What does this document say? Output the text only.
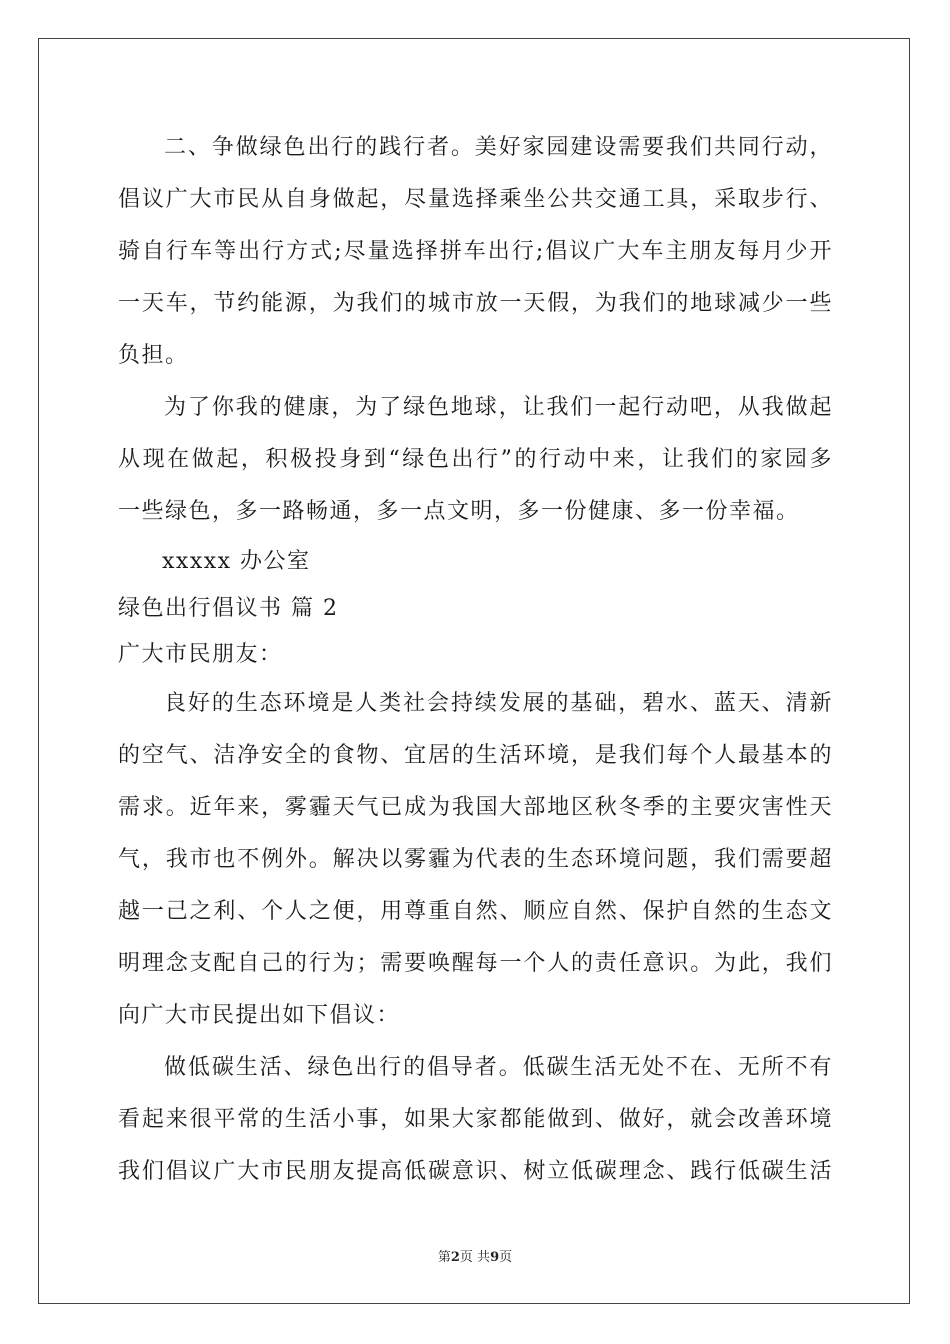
二、争做绿色出行的践行者。美好家园建设需要我们共同行动，
倡议广大市民从自身做起，尽量选择乘坐公共交通工具，采取步行、
骑自行车等出行方式;尽量选择拼车出行;倡议广大车主朋友每月少开
一天车，节约能源，为我们的城市放一天假，为我们的地球减少一些
负担。
为了你我的健康，为了绿色地球，让我们一起行动吧，从我做起
从现在做起，积极投身到“绿色出行”的行动中来，让我们的家园多
一些绿色，多一路畅通，多一点文明，多一份健康、多一份幸福。
xxxxx 办公室
绿色出行倡议书 篇 2
广大市民朋友：
良好的生态环境是人类社会持续发展的基础，碧水、蓝天、清新
的空气、洁净安全的食物、宜居的生活环境，是我们每个人最基本的
需求。近年来，雾霾天气已成为我国大部地区秋冬季的主要灾害性天
气，我市也不例外。解决以雾霾为代表的生态环境问题，我们需要超
越一己之利、个人之便，用尊重自然、顺应自然、保护自然的生态文
明理念支配自己的行为；需要唤醒每一个人的责任意识。为此，我们
向广大市民提出如下倡议：
做低碳生活、绿色出行的倡导者。低碳生活无处不在、无所不有
看起来很平常的生活小事，如果大家都能做到、做好，就会改善环境
我们倡议广大市民朋友提高低碳意识、树立低碳理念、践行低碳生活
第2页 共9页
